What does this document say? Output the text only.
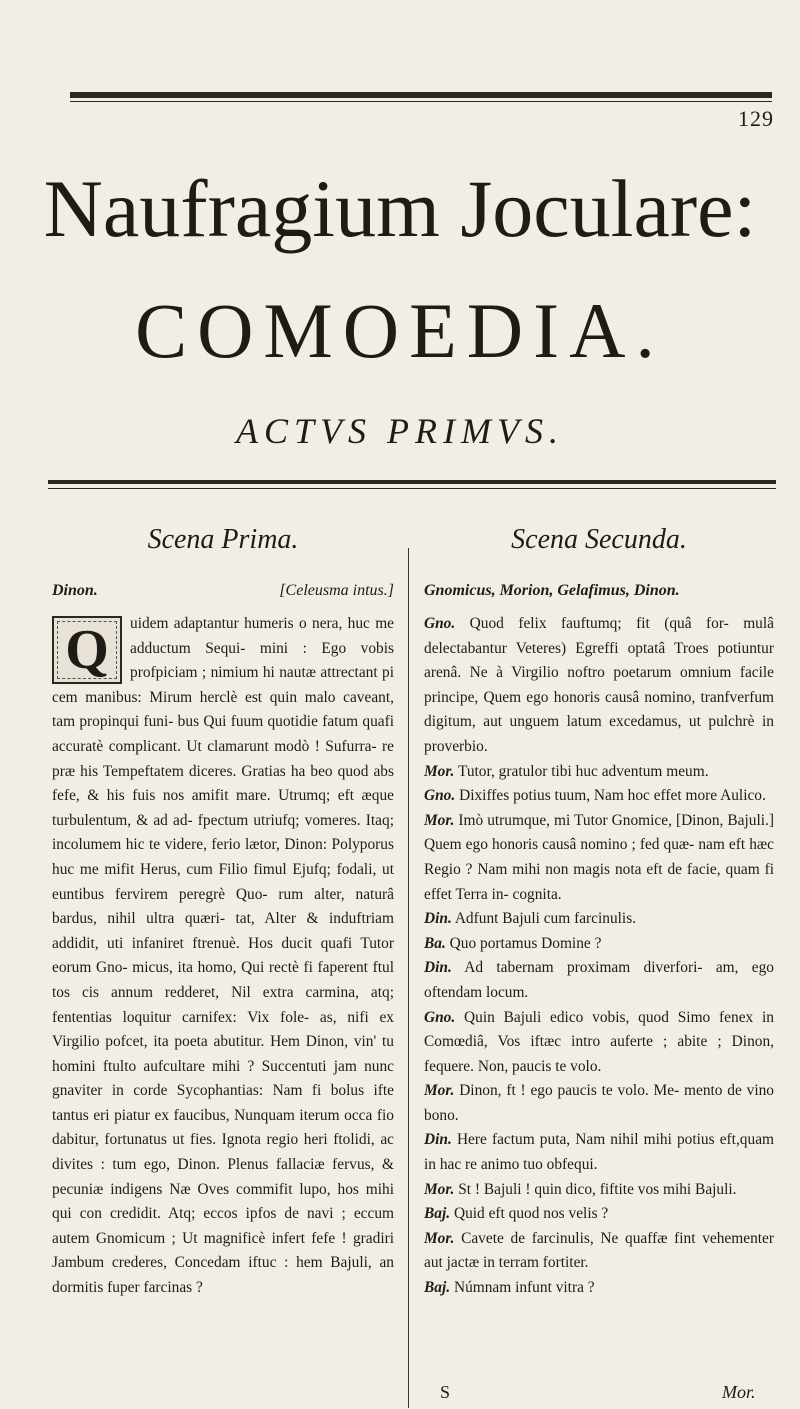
129
Naufragium Joculare:
COMOEDIA.
ACTVS PRIMVS.
Scena Prima.
Dinon.	[Celeusma intus.]
Q	uidem adaptantur humeris o nera, huc me adductum Sequi- mini : Ego vobis profpiciam ; nimium hi nautæ attrectant pi cem manibus: Mirum herclè est quin malo caveant, tam propinqui funi- bus Qui fuum quotidie fatum quafi accuratè complicant. Ut clamarunt modò ! Sufurra- re præ his Tempeftatem diceres. Gratias ha beo quod abs fefe, & his fuis nos amifit mare. Utrumq; eft æque turbulentum, & ad ad- fpectum utriufq; vomeres. Itaq; incolumem hic te videre, ferio lætor, Dinon: Polyporus huc me mifit Herus, cum Filio fimul Ejufq; fodali, ut euntibus fervirem peregrè Quo- rum alter, naturâ bardus, nihil ultra quæri- tat, Alter & induftriam addidit, uti infaniret ftrenuè. Hos ducit quafi Tutor eorum Gno- micus, ita homo, Qui rectè fi faperent ftul tos cis annum redderet, Nil extra carmina, atq; fententias loquitur carnifex: Vix fole- as, nifi ex Virgilio pofcet, ita poeta abutitur. Hem Dinon, vin' tu homini ftulto aufcultare mihi ? Succentuti jam nunc gnaviter in corde Sycophantias: Nam fi bolus ifte tantus eri piatur ex faucibus, Nunquam iterum occa fio dabitur, fortunatus ut fies. Ignota regio heri ftolidi, ac divites : tum ego, Dinon. Plenus fallaciæ fervus, & pecuniæ indigens Næ Oves commifit lupo, hos mihi qui con credidit. Atq; eccos ipfos de navi ; eccum autem Gnomicum ; Ut magnificè infert fefe ! gradiri Jambum crederes, Concedam iftuc : hem Bajuli, an dormitis fuper farcinas ?
Scena Secunda.
Gnomicus, Morion, Gelafimus, Dinon.
Gno. Quod felix fauftumq; fit (quâ for- mulâ delectabantur Veteres) Egreffi optatâ Troes potiuntur arenâ. Ne à Virgilio noftro poetarum omnium facile principe, Quem ego honoris causâ nomino, tranfverfum digitum, aut unguem latum excedamus, ut pulchrè in proverbio.
Mor. Tutor, gratulor tibi huc adventum meum.
Gno. Dixiffes potius tuum, Nam hoc effet more Aulico.
Mor. Imò utrumque, mi Tutor Gnomice, [Dinon, Bajuli.] Quem ego honoris causâ nomino ; fed quæ- nam eft hæc Regio ? Nam mihi non magis nota eft de facie, quam fi effet Terra in- cognita.
Din. Adfunt Bajuli cum farcinulis.
Ba. Quo portamus Domine ?
Din. Ad tabernam proximam diverfori- am, ego oftendam locum.
Gno. Quin Bajuli edico vobis, quod Simo fenex in Comœdiâ, Vos iftæc intro auferte ; abite ; Dinon, fequere. Non, paucis te volo.
Mor. Dinon, ft ! ego paucis te volo. Me- mento de vino bono.
Din. Here factum puta, Nam nihil mihi potius eft,quam in hac re animo tuo obfequi.
Mor. St ! Bajuli ! quin dico, fiftite vos mihi Bajuli.
Baj. Quid eft quod nos velis ?
Mor. Cavete de farcinulis, Ne quaffæ fint vehementer aut jactæ in terram fortiter.
Baj. Númnam infunt vitra ?
S	Mor.
